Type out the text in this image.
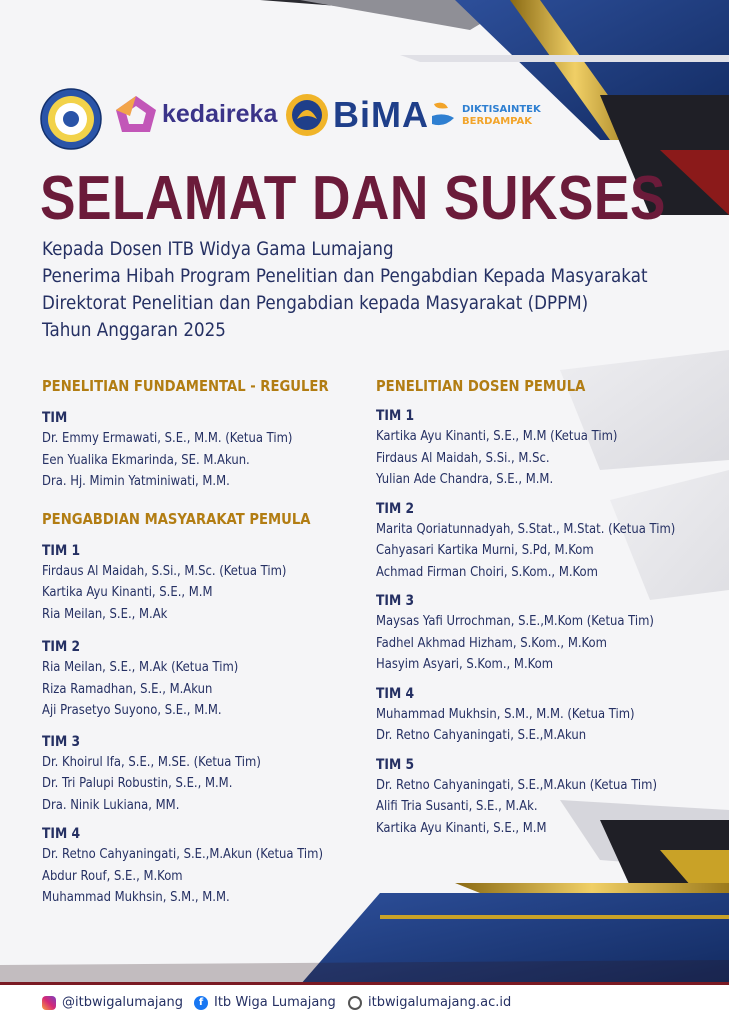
kedaireka BiMA	DIKTISAINTEK
BERDAMPAK
SELAMAT DAN SUKSES
Kepada Dosen ITB Widya Gama Lumajang
Penerima Hibah Program Penelitian dan Pengabdian Kepada Masyarakat
Direktorat Penelitian dan Pengabdian kepada Masyarakat (DPPM)
Tahun Anggaran 2025
PENELITIAN FUNDAMENTAL - REGULER
TIM
Dr. Emmy Ermawati, S.E., M.M. (Ketua Tim)
Een Yualika Ekmarinda, SE. M.Akun.
Dra. Hj. Mimin Yatminiwati, M.M.
PENGABDIAN MASYARAKAT PEMULA
TIM 1
Firdaus Al Maidah, S.Si., M.Sc. (Ketua Tim)
Kartika Ayu Kinanti, S.E., M.M
Ria Meilan, S.E., M.Ak
TIM 2
Ria Meilan, S.E., M.Ak (Ketua Tim)
Riza Ramadhan, S.E., M.Akun
Aji Prasetyo Suyono, S.E., M.M.
TIM 3
Dr. Khoirul Ifa, S.E., M.SE. (Ketua Tim)
Dr. Tri Palupi Robustin, S.E., M.M.
Dra. Ninik Lukiana, MM.
TIM 4
Dr. Retno Cahyaningati, S.E.,M.Akun (Ketua Tim)
Abdur Rouf, S.E., M.Kom
Muhammad Mukhsin, S.M., M.M.
PENELITIAN DOSEN PEMULA
TIM 1
Kartika Ayu Kinanti, S.E., M.M (Ketua Tim)
Firdaus Al Maidah, S.Si., M.Sc.
Yulian Ade Chandra, S.E., M.M.
TIM 2
Marita Qoriatunnadyah, S.Stat., M.Stat. (Ketua Tim)
Cahyasari Kartika Murni, S.Pd, M.Kom
Achmad Firman Choiri, S.Kom., M.Kom
TIM 3
Maysas Yafi Urrochman, S.E.,M.Kom (Ketua Tim)
Fadhel Akhmad Hizham, S.Kom., M.Kom
Hasyim Asyari, S.Kom., M.Kom
TIM 4
Muhammad Mukhsin, S.M., M.M. (Ketua Tim)
Dr. Retno Cahyaningati, S.E.,M.Akun
TIM 5
Dr. Retno Cahyaningati, S.E.,M.Akun (Ketua Tim)
Alifi Tria Susanti, S.E., M.Ak.
Kartika Ayu Kinanti, S.E., M.M
@itbwigalumajang	f Itb Wiga Lumajang itbwigalumajang.ac.id
